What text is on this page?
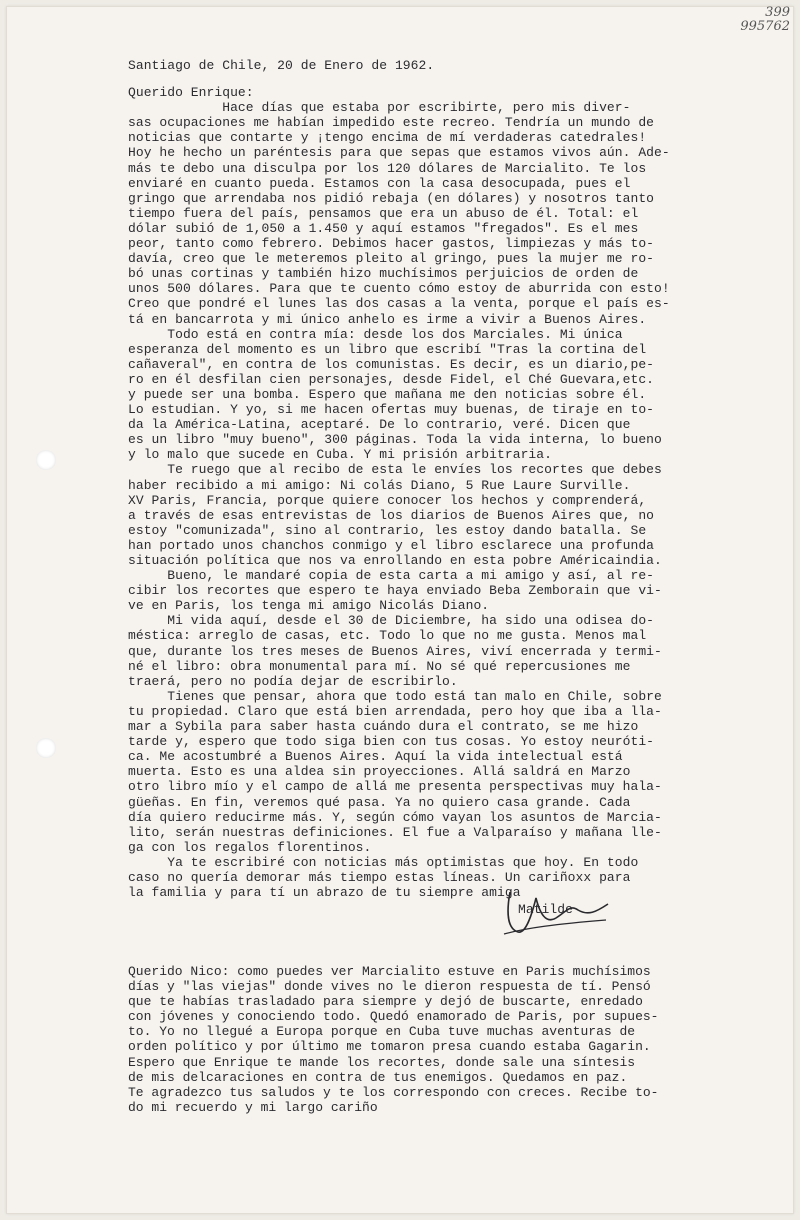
399
995762
Santiago de Chile, 20 de Enero de 1962.
Querido Enrique:
Hace días que estaba por escribirte, pero mis diver-
sas ocupaciones me habían impedido este recreo. Tendría un mundo de
noticias que contarte y ¡tengo encima de mí verdaderas catedrales!
Hoy he hecho un paréntesis para que sepas que estamos vivos aún. Ade-
más te debo una disculpa por los 120 dólares de Marcialito. Te los
enviaré en cuanto pueda. Estamos con la casa desocupada, pues el
gringo que arrendaba nos pidió rebaja (en dólares) y nosotros tanto
tiempo fuera del país, pensamos que era un abuso de él. Total: el
dólar subió de 1,050 a 1.450 y aquí estamos "fregados". Es el mes
peor, tanto como febrero. Debimos hacer gastos, limpiezas y más to-
davía, creo que le meteremos pleito al gringo, pues la mujer me ro-
bó unas cortinas y también hizo muchísimos perjuicios de orden de
unos 500 dólares. Para que te cuento cómo estoy de aburrida con esto!
Creo que pondré el lunes las dos casas a la venta, porque el país es-
tá en bancarrota y mi único anhelo es irme a vivir a Buenos Aires.
Todo está en contra mía: desde los dos Marciales. Mi única
esperanza del momento es un libro que escribí "Tras la cortina del
cañaveral", en contra de los comunistas. Es decir, es un diario,pe-
ro en él desfilan cien personajes, desde Fidel, el Ché Guevara,etc.
y puede ser una bomba. Espero que mañana me den noticias sobre él.
Lo estudian. Y yo, si me hacen ofertas muy buenas, de tiraje en to-
da la América-Latina, aceptaré. De lo contrario, veré. Dicen que
es un libro "muy bueno", 300 páginas. Toda la vida interna, lo bueno
y lo malo que sucede en Cuba. Y mi prisión arbitraria.
Te ruego que al recibo de esta le envíes los recortes que debes
haber recibido a mi amigo: Ni colás Diano, 5 Rue Laure Surville.
XV Paris, Francia, porque quiere conocer los hechos y comprenderá,
a través de esas entrevistas de los diarios de Buenos Aires que, no
estoy "comunizada", sino al contrario, les estoy dando batalla. Se
han portado unos chanchos conmigo y el libro esclarece una profunda
situación política que nos va enrollando en esta pobre Américaindia.
Bueno, le mandaré copia de esta carta a mi amigo y así, al re-
cibir los recortes que espero te haya enviado Beba Zemborain que vi-
ve en Paris, los tenga mi amigo Nicolás Diano.
Mi vida aquí, desde el 30 de Diciembre, ha sido una odisea do-
méstica: arreglo de casas, etc. Todo lo que no me gusta. Menos mal
que, durante los tres meses de Buenos Aires, viví encerrada y termi-
né el libro: obra monumental para mí. No sé qué repercusiones me
traerá, pero no podía dejar de escribirlo.
Tienes que pensar, ahora que todo está tan malo en Chile, sobre
tu propiedad. Claro que está bien arrendada, pero hoy que iba a lla-
mar a Sybila para saber hasta cuándo dura el contrato, se me hizo
tarde y, espero que todo siga bien con tus cosas. Yo estoy neuróti-
ca. Me acostumbré a Buenos Aires. Aquí la vida intelectual está
muerta. Esto es una aldea sin proyecciones. Allá saldrá en Marzo
otro libro mío y el campo de allá me presenta perspectivas muy hala-
güeñas. En fin, veremos qué pasa. Ya no quiero casa grande. Cada
día quiero reducirme más. Y, según cómo vayan los asuntos de Marcia-
lito, serán nuestras definiciones. El fue a Valparaíso y mañana lle-
ga con los regalos florentinos.
Ya te escribiré con noticias más optimistas que hoy. En todo
caso no quería demorar más tiempo estas líneas. Un cariñoxx para
la familia y para tí un abrazo de tu siempre amiga
Matilde
Querido Nico: como puedes ver Marcialito estuve en Paris muchísimos
días y "las viejas" donde vives no le dieron respuesta de tí. Pensó
que te habías trasladado para siempre y dejó de buscarte, enredado
con jóvenes y conociendo todo. Quedó enamorado de Paris, por supues-
to. Yo no llegué a Europa porque en Cuba tuve muchas aventuras de
orden político y por último me tomaron presa cuando estaba Gagarin.
Espero que Enrique te mande los recortes, donde sale una síntesis
de mis delcaraciones en contra de tus enemigos. Quedamos en paz.
Te agradezco tus saludos y te los correspondo con creces. Recibe to-
do mi recuerdo y mi largo cariño
